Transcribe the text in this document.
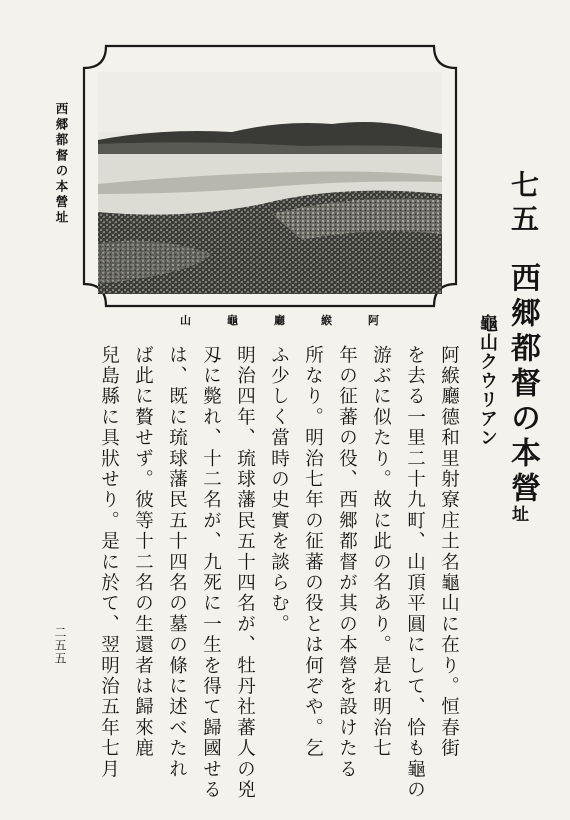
山	龜	廳	緱	阿
西郷都督の本營址	七五
西郷都督の本營
址
龜山クウリアン
阿緱廳德和里射寮庄土名龜山に在り。恒春街
を去る一里二十九町、山頂平圓にして、恰も龜の
游ぶに似たり。故に此の名あり。是れ明治七
年の征蕃の役、西郷都督が其の本營を設けたる
所なり。明治七年の征蕃の役とは何ぞや。乞
ふ少しく當時の史實を談らむ。
明治四年、琉球藩民五十四名が、牡丹社蕃人の兇
刄に斃れ、十二名が、九死に一生を得て歸國せる
は、既に琉球藩民五十四名の墓の條に述べたれ
ば此に贅せず。彼等十二名の生還者は歸來鹿
兒島縣に具狀せり。是に於て、翌明治五年七月
二五五
